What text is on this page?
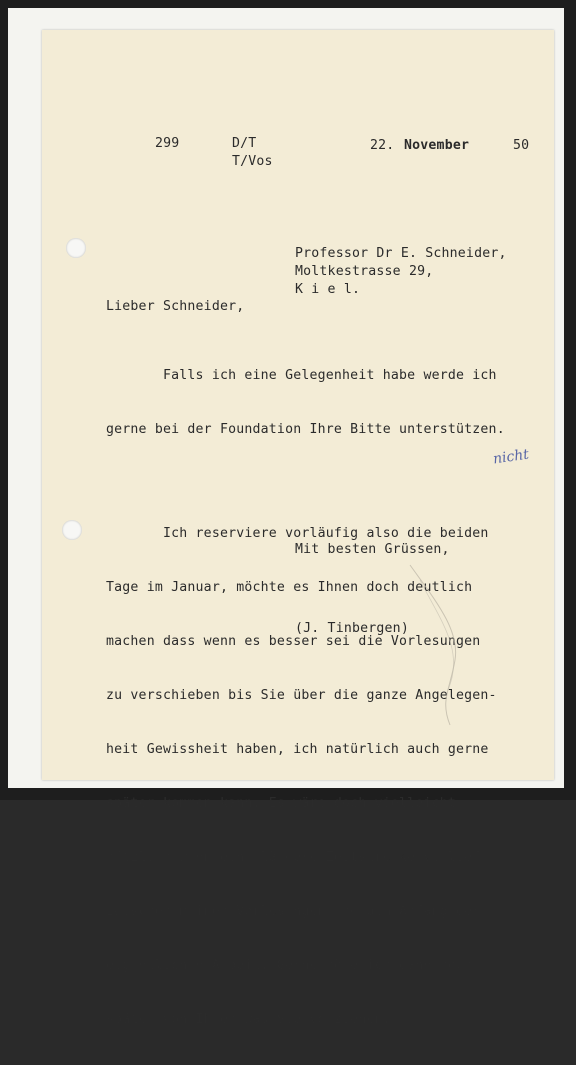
299	D/T
T/Vos
22. November	50
Professor Dr E. Schneider,
Moltkestrasse 29,
K i e l.
Lieber Schneider,

Falls ich eine Gelegenheit habe werde ich

gerne bei der Foundation Ihre Bitte unterstützen.

Ich reserviere vorläufig also die beiden

Tage im Januar, möchte es Ihnen doch deutlich

machen dass wenn es besser sei die Vorlesungen

zu verschieben bis Sie über die ganze Angelegen-

heit Gewissheit haben, ich natürlich auch gerne

später kommen kann. Es wäre doch vielleicht

nützlich wenn eine längere Zeitstrecke verliefe

zwischen meinen Vorlesungen und dem Anfang der

eigentlichen Arbeit. Gerne höre ich dann noch

später von Ihnen was Sie vorziehen.

nicht
Mit besten Grüssen,
(J. Tinbergen)
